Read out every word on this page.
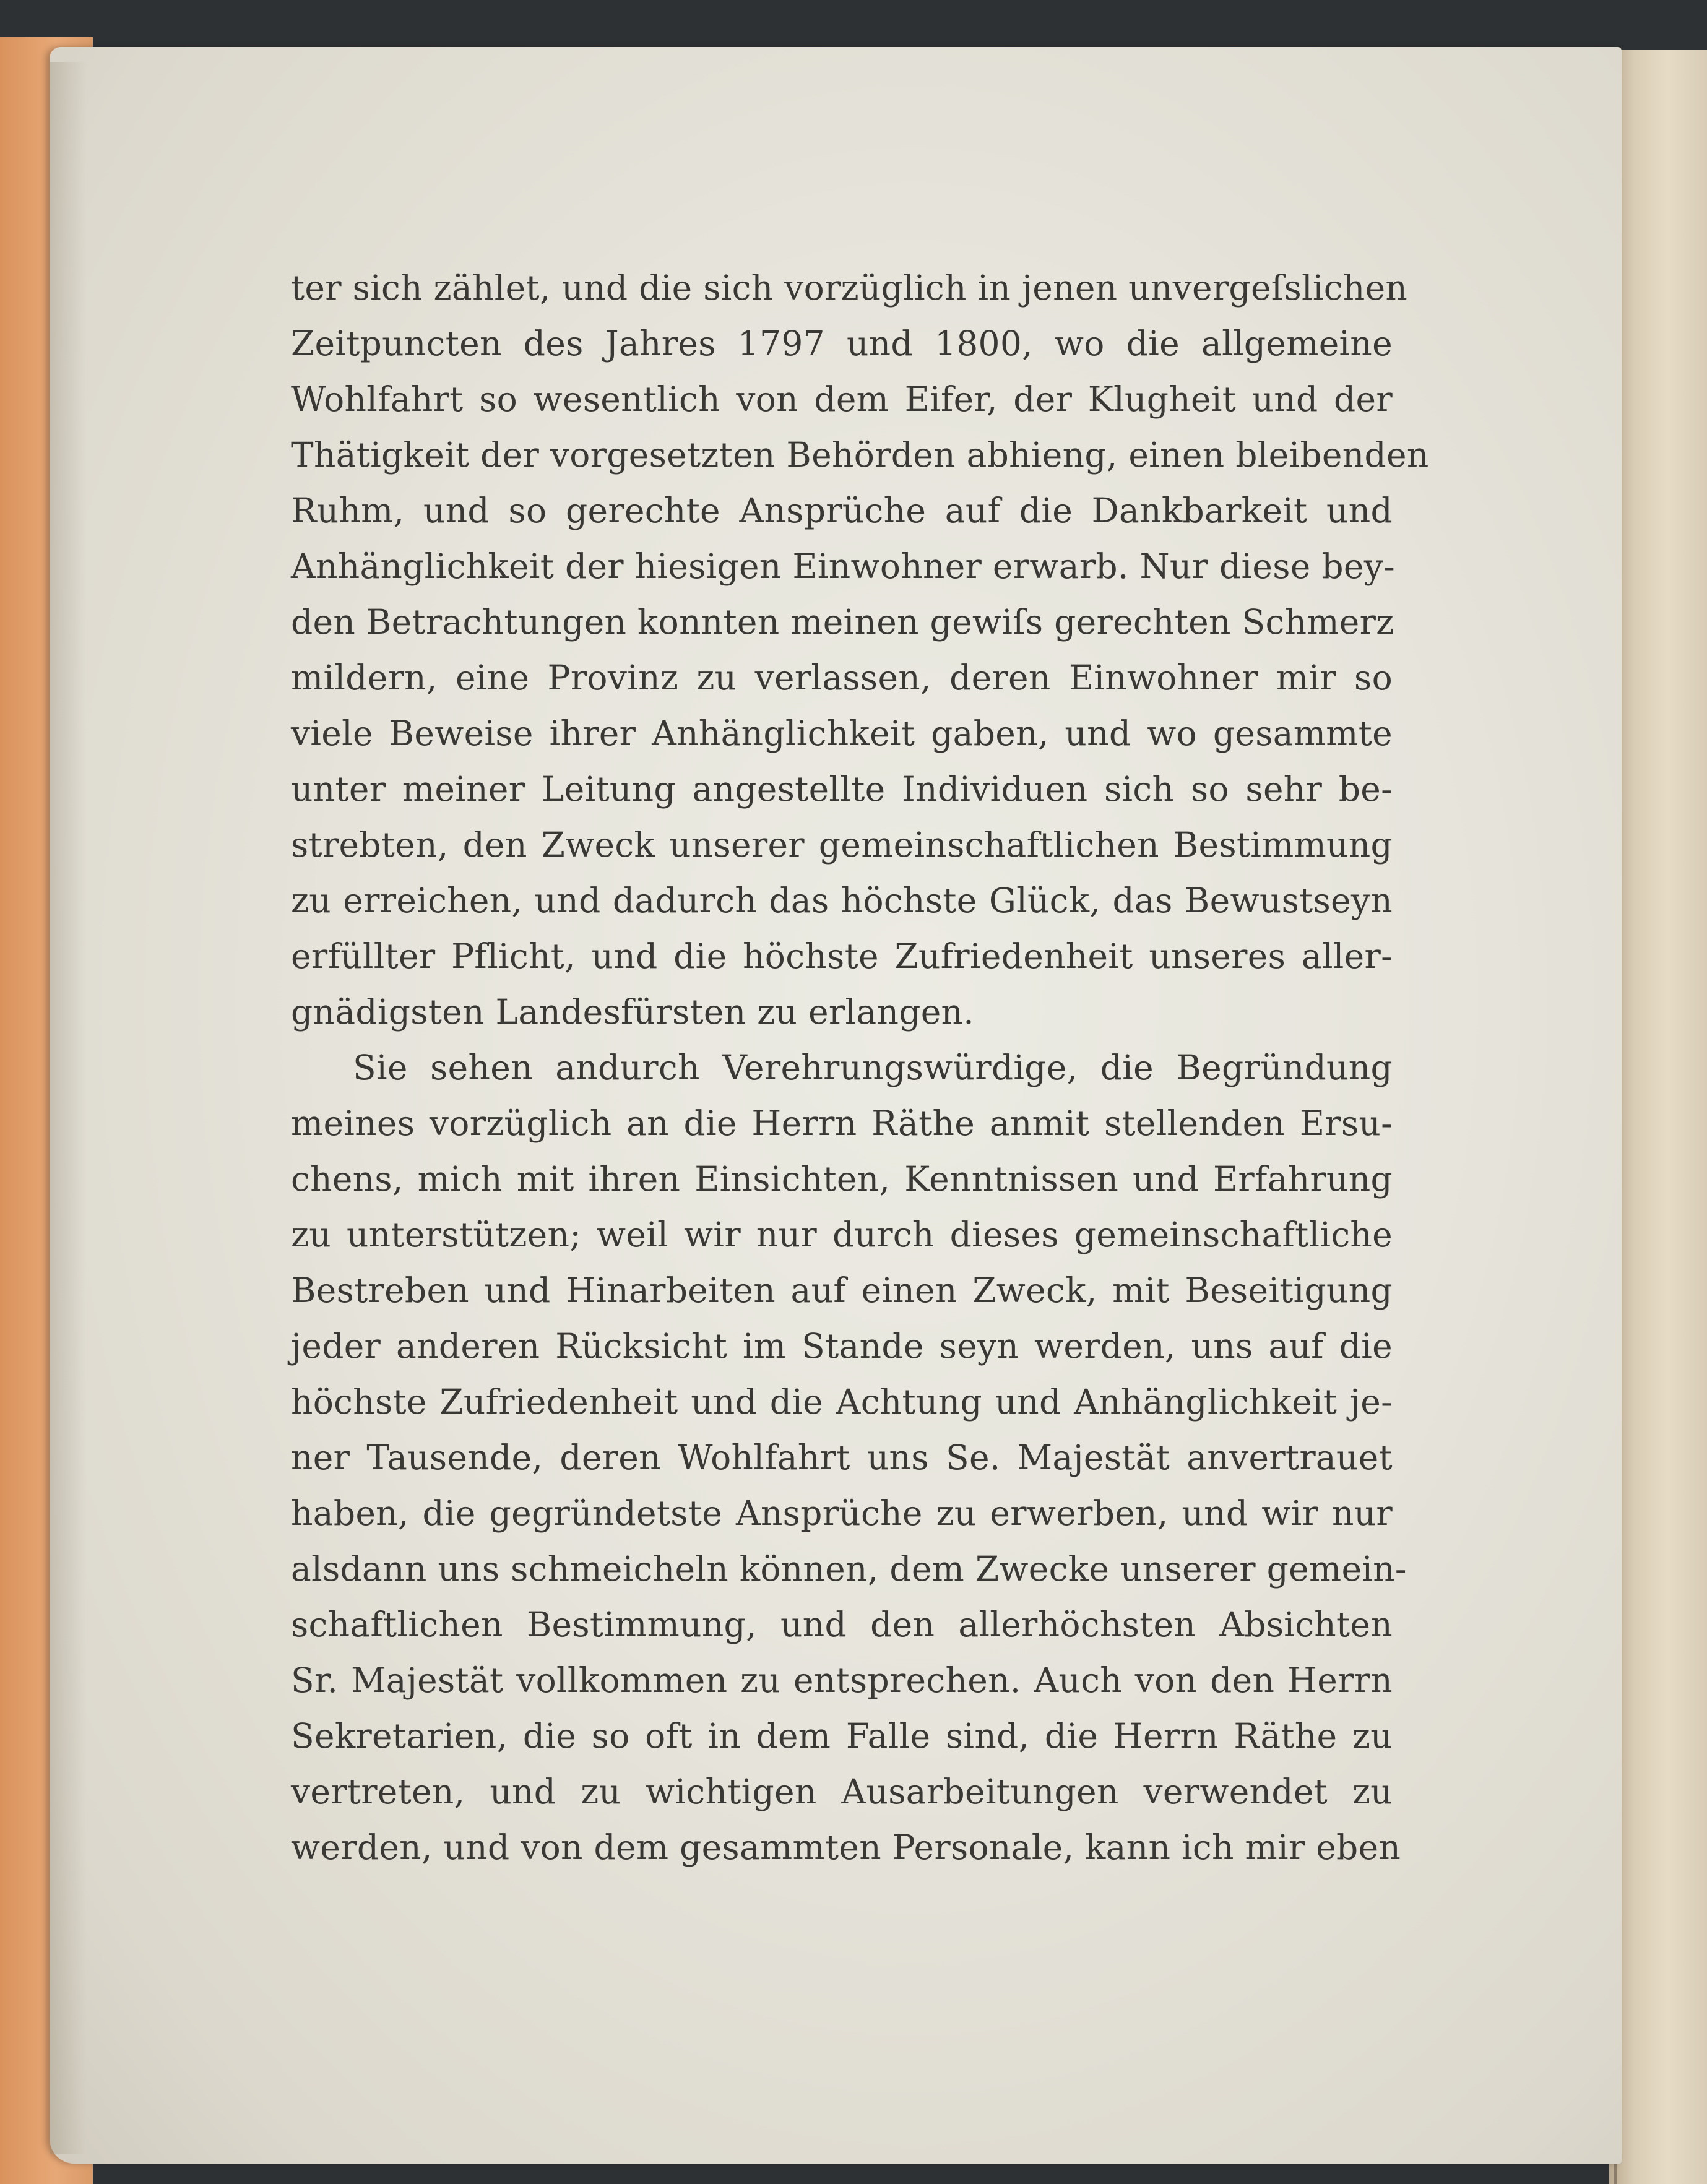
ter sich zählet, und die sich vorzüglich in jenen unvergeſslichen
Zeitpuncten des Jahres 1797 und 1800, wo die allgemeine
Wohlfahrt so wesentlich von dem Eifer, der Klugheit und der
Thätigkeit der vorgesetzten Behörden abhieng, einen bleibenden
Ruhm, und so gerechte Ansprüche auf die Dankbarkeit und
Anhänglichkeit der hiesigen Einwohner erwarb. Nur diese bey-
den Betrachtungen konnten meinen gewiſs gerechten Schmerz
mildern, eine Provinz zu verlassen, deren Einwohner mir so
viele Beweise ihrer Anhänglichkeit gaben, und wo gesammte
unter meiner Leitung angestellte Individuen sich so sehr be-
strebten, den Zweck unserer gemeinschaftlichen Bestimmung
zu erreichen, und dadurch das höchste Glück, das Bewustseyn
erfüllter Pflicht, und die höchste Zufriedenheit unseres aller-
gnädigsten Landesfürsten zu erlangen.
Sie sehen andurch Verehrungswürdige, die Begründung
meines vorzüglich an die Herrn Räthe anmit stellenden Ersu-
chens, mich mit ihren Einsichten, Kenntnissen und Erfahrung
zu unterstützen; weil wir nur durch dieses gemeinschaftliche
Bestreben und Hinarbeiten auf einen Zweck, mit Beseitigung
jeder anderen Rücksicht im Stande seyn werden, uns auf die
höchste Zufriedenheit und die Achtung und Anhänglichkeit je-
ner Tausende, deren Wohlfahrt uns Se. Majestät anvertrauet
haben, die gegründetste Ansprüche zu erwerben, und wir nur
alsdann uns schmeicheln können, dem Zwecke unserer gemein-
schaftlichen Bestimmung, und den allerhöchsten Absichten
Sr. Majestät vollkommen zu entsprechen. Auch von den Herrn
Sekretarien, die so oft in dem Falle sind, die Herrn Räthe zu
vertreten, und zu wichtigen Ausarbeitungen verwendet zu
werden, und von dem gesammten Personale, kann ich mir eben
